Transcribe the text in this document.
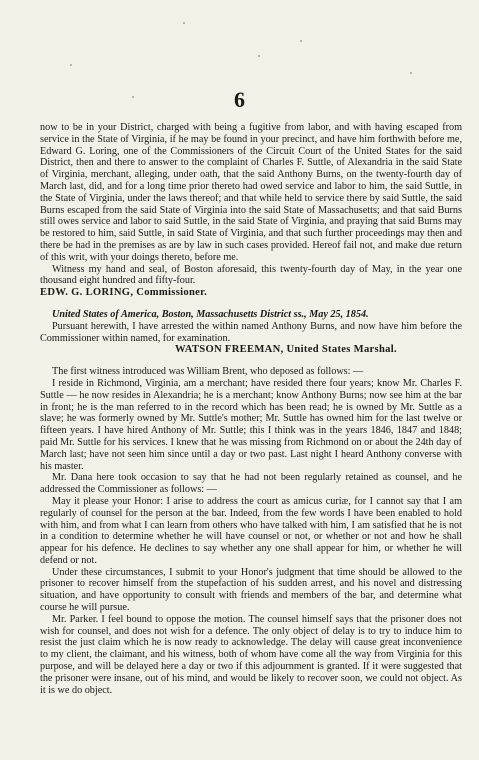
6

now to be in your District, charged with being a fugitive from labor, and with having escaped from service in the State of Virginia, if he may be found in your precinct, and have him forthwith before me, Edward G. Loring, one of the Commissioners of the Circuit Court of the United States for the said District, then and there to answer to the complaint of Charles F. Suttle, of Alexandria in the said State of Virginia, merchant, alleging, under oath, that the said Anthony Burns, on the twenty-fourth day of March last, did, and for a long time prior thereto had owed service and labor to him, the said Suttle, in the State of Virginia, under the laws thereof; and that while held to service there by said Suttle, the said Burns escaped from the said State of Virginia into the said State of Massachusetts; and that said Burns still owes service and labor to said Suttle, in the said State of Virginia, and praying that said Burns may be restored to him, said Suttle, in said State of Virginia, and that such further proceedings may then and there be had in the premises as are by law in such cases provided. Hereof fail not, and make due return of this writ, with your doings thereto, before me.

Witness my hand and seal, of Boston aforesaid, this twenty-fourth day of May, in the year one thousand eight hundred and fifty-four.

EDW. G. LORING, Commissioner.

United States of America, Boston, Massachusetts District ss., May 25, 1854.

Pursuant herewith, I have arrested the within named Anthony Burns, and now have him before the Commissioner within named, for examination.

WATSON FREEMAN, United States Marshal.

The first witness introduced was William Brent, who deposed as follows: —

I reside in Richmond, Virginia, am a merchant; have resided there four years; know Mr. Charles F. Suttle — he now resides in Alexandria; he is a merchant; know Anthony Burns; now see him at the bar in front; he is the man referred to in the record which has been read; he is owned by Mr. Suttle as a slave; he was formerly owned by Mr. Suttle's mother; Mr. Suttle has owned him for the last twelve or fifteen years. I have hired Anthony of Mr. Suttle; this I think was in the years 1846, 1847 and 1848; paid Mr. Suttle for his services. I knew that he was missing from Richmond on or about the 24th day of March last; have not seen him since until a day or two past. Last night I heard Anthony converse with his master.

Mr. Dana here took occasion to say that he had not been regularly retained as counsel, and he addressed the Commissioner as follows: —

May it please your Honor: I arise to address the court as amicus curiæ, for I cannot say that I am regularly of counsel for the person at the bar. Indeed, from the few words I have been enabled to hold with him, and from what I can learn from others who have talked with him, I am satisfied that he is not in a condition to determine whether he will have counsel or not, or whether or not and how he shall appear for his defence. He declines to say whether any one shall appear for him, or whether he will defend or not.

Under these circumstances, I submit to your Honor's judgment that time should be allowed to the prisoner to recover himself from the stupefaction of his sudden arrest, and his novel and distressing situation, and have opportunity to consult with friends and members of the bar, and determine what course he will pursue.

Mr. Parker. I feel bound to oppose the motion. The counsel himself says that the prisoner does not wish for counsel, and does not wish for a defence. The only object of delay is to try to induce him to resist the just claim which he is now ready to acknowledge. The delay will cause great inconvenience to my client, the claimant, and his witness, both of whom have come all the way from Virginia for this purpose, and will be delayed here a day or two if this adjournment is granted. If it were suggested that the prisoner were insane, out of his mind, and would be likely to recover soon, we could not object. As it is we do object.
